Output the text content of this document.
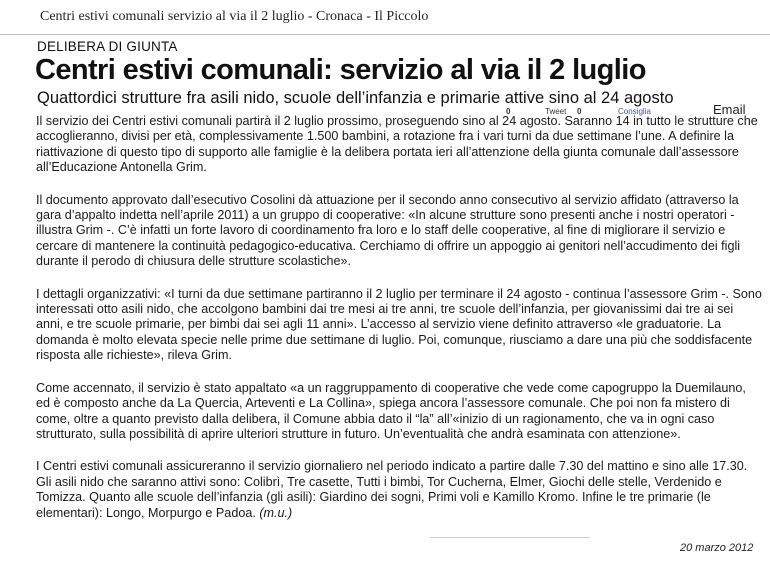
Centri estivi comunali servizio al via il 2 luglio - Cronaca - Il Piccolo
DELIBERA DI GIUNTA
Centri estivi comunali: servizio al via il 2 luglio
Quattordici strutture fra asili nido, scuole dell’infanzia e primarie attive sino al 24 agosto
0	Tweet 0	Consiglia	Email

Il servizio dei Centri estivi comunali partirà il 2 luglio prossimo, proseguendo sino al 24 agosto. Saranno 14 in tutto le strutture che accoglieranno, divisi per età, complessivamente 1.500 bambini, a rotazione fra i vari turni da due settimane l’une. A definire la riattivazione di questo tipo di supporto alle famiglie è la delibera portata ieri all’attenzione della giunta comunale dall’assessore all’Educazione Antonella Grim.

Il documento approvato dall’esecutivo Cosolini dà attuazione per il secondo anno consecutivo al servizio affidato (attraverso la gara d’appalto indetta nell’aprile 2011) a un gruppo di cooperative: «In alcune strutture sono presenti anche i nostri operatori - illustra Grim -. C’è infatti un forte lavoro di coordinamento fra loro e lo staff delle cooperative, al fine di migliorare il servizio e cercare di mantenere la continuità pedagogico-educativa. Cerchiamo di offrire un appoggio ai genitori nell’accudimento dei figli durante il perodo di chiusura delle strutture scolastiche».

I dettagli organizzativi: «I turni da due settimane partiranno il 2 luglio per terminare il 24 agosto - continua l’assessore Grim -. Sono interessati otto asili nido, che accolgono bambini dai tre mesi ai tre anni, tre scuole dell’infanzia, per giovanissimi dai tre ai sei anni, e tre scuole primarie, per bimbi dai sei agli 11 anni». L’accesso al servizio viene definito attraverso «le graduatorie. La domanda è molto elevata specie nelle prime due settimane di luglio. Poi, comunque, riusciamo a dare una più che soddisfacente risposta alle richieste», rileva Grim.

Come accennato, il servizio è stato appaltato «a un raggruppamento di cooperative che vede come capogruppo la Duemilauno, ed è composto anche da La Quercia, Arteventi e La Collina», spiega ancora l’assessore comunale. Che poi non fa mistero di come, oltre a quanto previsto dalla delibera, il Comune abbia dato il “la” all’«inizio di un ragionamento, che va in ogni caso strutturato, sulla possibilità di aprire ulteriori strutture in futuro. Un’eventualità che andrà esaminata con attenzione».

I Centri estivi comunali assicureranno il servizio giornaliero nel periodo indicato a partire dalle 7.30 del mattino e sino alle 17.30. Gli asili nido che saranno attivi sono: Colibrì, Tre casette, Tutti i bimbi, Tor Cucherna, Elmer, Giochi delle stelle, Verdenido e Tomizza. Quanto alle scuole dell’infanzia (gli asili): Giardino dei sogni, Primi voli e Kamillo Kromo. Infine le tre primarie (le elementari): Longo, Morpurgo e Padoa. (m.u.)

20 marzo 2012
